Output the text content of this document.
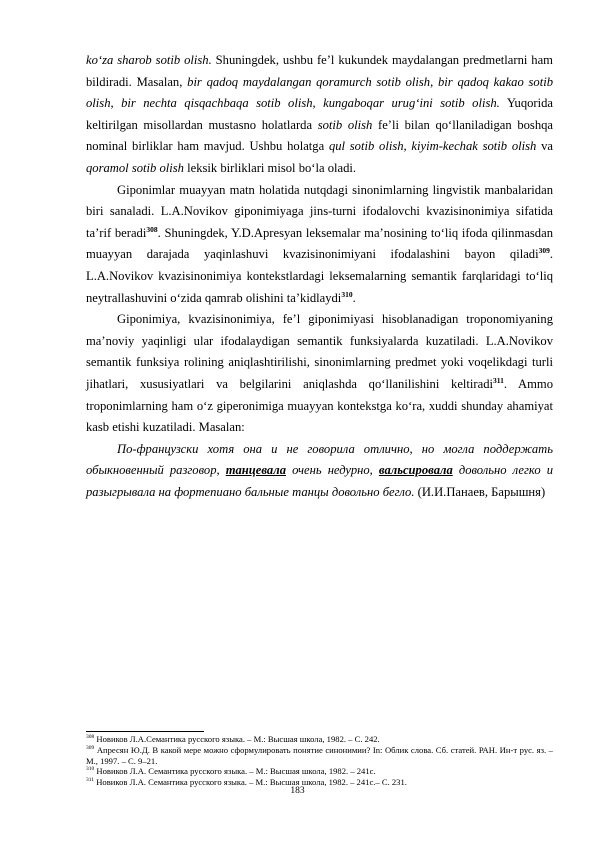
ko‘za sharob sotib olish. Shuningdek, ushbu fe’l kukundek maydalangan predmetlarni ham bildiradi. Masalan, bir qadoq maydalangan qoramurch sotib olish, bir qadoq kakao sotib olish, bir nechta qisqachbaqa sotib olish, kungaboqar urug‘ini sotib olish. Yuqorida keltirilgan misollardan mustasno holatlarda sotib olish fe’li bilan qo‘llaniladigan boshqa nominal birliklar ham mavjud. Ushbu holatga qul sotib olish, kiyim-kechak sotib olish va qoramol sotib olish leksik birliklari misol bo‘la oladi.

Giponimlar muayyan matn holatida nutqdagi sinonimlarning lingvistik manbalaridan biri sanaladi. L.A.Novikov giponimiyaga jins-turni ifodalovchi kvazisinonimiya sifatida ta’rif beradi$^{308}$. Shuningdek, Y.D.Apresyan leksemalar ma’nosining to‘liq ifoda qilinmasdan muayyan darajada yaqinlashuvi kvazisinonimiyani ifodalashini bayon qiladi$^{309}$. L.A.Novikov kvazisinonimiya kontekstlardagi leksemalarning semantik farqlaridagi to‘liq neytrallashuvini o‘zida qamrab olishini ta’kidlaydi$^{310}$.

Giponimiya, kvazisinonimiya, fe’l giponimiyasi hisoblanadigan troponomiyaning ma’noviy yaqinligi ular ifodalaydigan semantik funksiyalarda kuzatiladi. L.A.Novikov semantik funksiya rolining aniqlashtirilishi, sinonimlarning predmet yoki voqelikdagi turli jihatlari, xususiyatlari va belgilarini aniqlashda qo‘llanilishini keltiradi$^{311}$. Ammo troponimlarning ham o‘z giperonimiga muayyan kontekstga ko‘ra, xuddi shunday ahamiyat kasb etishi kuzatiladi. Masalan:

По-французски хотя она и не говорила отлично, но могла поддержать обыкновенный разговор, танцевала очень недурно, вальсировала довольно легко и разыгрывала на фортепиано бальные танцы довольно бегло. (И.И.Панаев, Барышня)

$^{308}$ Новиков Л.А.Семантика русского языка. – М.: Высшая школа, 1982. – С. 242.

$^{309}$ Апресян Ю.Д. В какой мере можно сформулировать понятие синонимии? In: Облик слова. Сб. статей. РАН. Ин-т рус. яз. – М., 1997. – С. 9–21.

$^{310}$ Новиков Л.А. Семантика русского языка. – М.: Высшая школа, 1982. – 241с.

$^{311}$ Новиков Л.А. Семантика русского языка. – М.: Высшая школа, 1982. – 241с.– С. 231.

183
